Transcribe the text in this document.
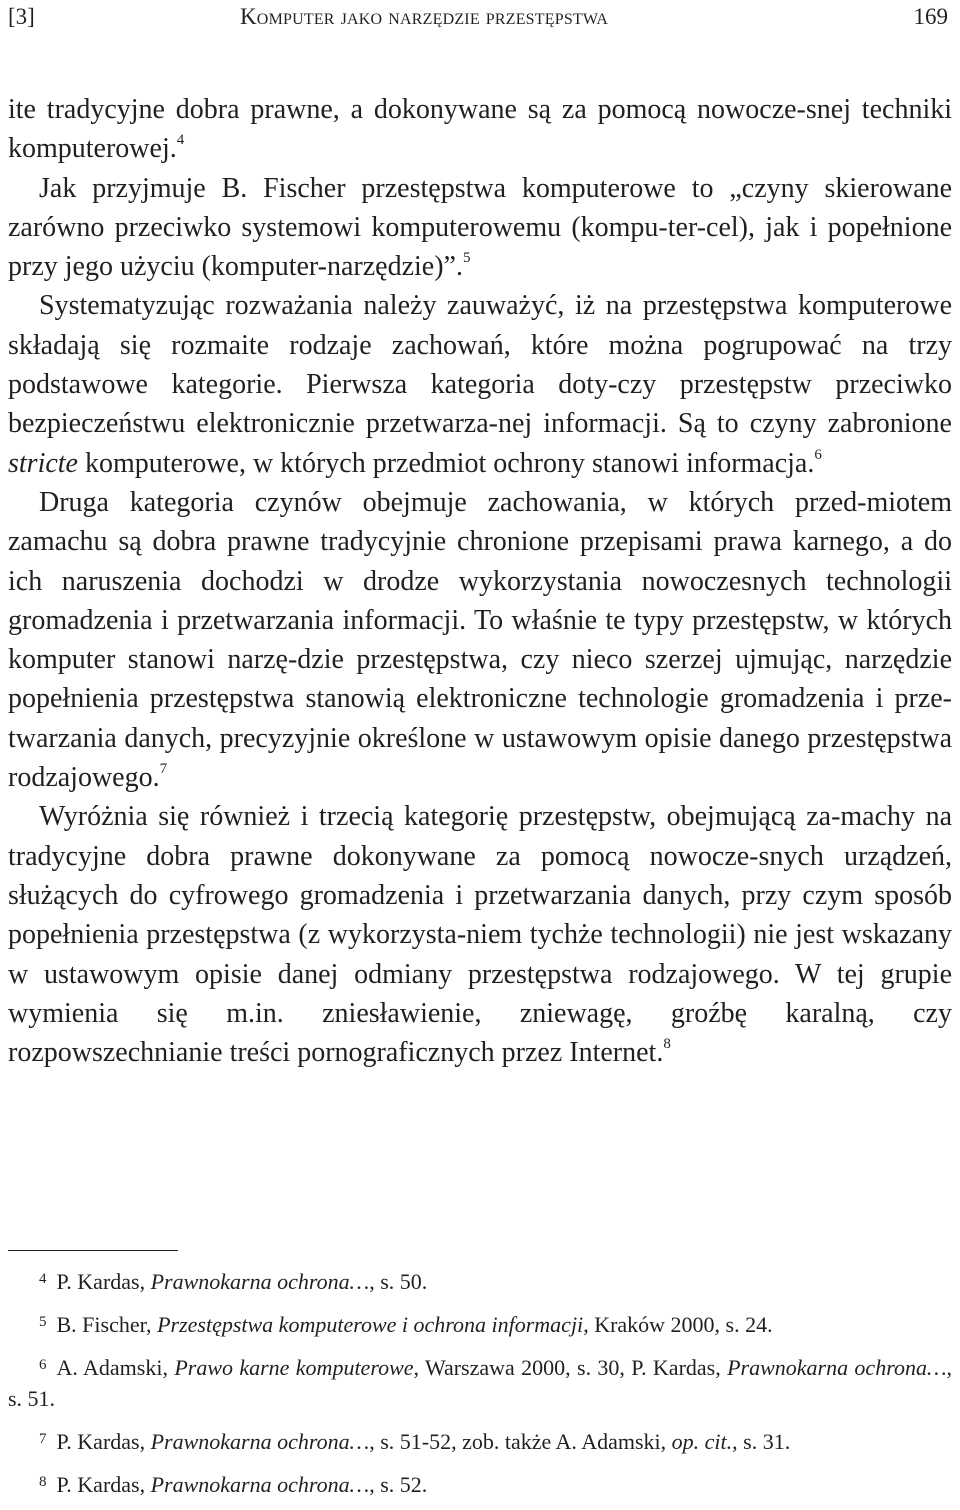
[3]	Komputer jako narzędzie przestępstwa	169

ite tradycyjne dobra prawne, a dokonywane są za pomocą nowocze-snej techniki komputerowej.$^4$

Jak przyjmuje B. Fischer przestępstwa komputerowe to „czyny skierowane zarówno przeciwko systemowi komputerowemu (kompu-ter-cel), jak i popełnione przy jego użyciu (komputer-narzędzie)”.$^5$

Systematyzując rozważania należy zauważyć, iż na przestępstwa komputerowe składają się rozmaite rodzaje zachowań, które można pogrupować na trzy podstawowe kategorie. Pierwsza kategoria doty-czy przestępstw przeciwko bezpieczeństwu elektronicznie przetwarza-nej informacji. Są to czyny zabronione stricte komputerowe, w których przedmiot ochrony stanowi informacja.$^6$

Druga kategoria czynów obejmuje zachowania, w których przed-miotem zamachu są dobra prawne tradycyjnie chronione przepisami prawa karnego, a do ich naruszenia dochodzi w drodze wykorzystania nowoczesnych technologii gromadzenia i przetwarzania informacji. To właśnie te typy przestępstw, w których komputer stanowi narzę-dzie przestępstwa, czy nieco szerzej ujmując, narzędzie popełnienia przestępstwa stanowią elektroniczne technologie gromadzenia i prze-twarzania danych, precyzyjnie określone w ustawowym opisie danego przestępstwa rodzajowego.$^7$

Wyróżnia się również i trzecią kategorię przestępstw, obejmującą za-machy na tradycyjne dobra prawne dokonywane za pomocą nowocze-snych urządzeń, służących do cyfrowego gromadzenia i przetwarzania danych, przy czym sposób popełnienia przestępstwa (z wykorzysta-niem tychże technologii) nie jest wskazany w ustawowym opisie danej odmiany przestępstwa rodzajowego. W tej grupie wymienia się m.in. zniesławienie, zniewagę, groźbę karalną, czy rozpowszechnianie treści pornograficznych przez Internet.$^8$

$^4$ P. Kardas, Prawnokarna ochrona…, s. 50.

$^5$ B. Fischer, Przestępstwa komputerowe i ochrona informacji, Kraków 2000, s. 24.

$^6$ A. Adamski, Prawo karne komputerowe, Warszawa 2000, s. 30, P. Kardas, Prawnokarna ochrona…, s. 51.

$^7$ P. Kardas, Prawnokarna ochrona…, s. 51-52, zob. także A. Adamski, op. cit., s. 31.

$^8$ P. Kardas, Prawnokarna ochrona…, s. 52.
